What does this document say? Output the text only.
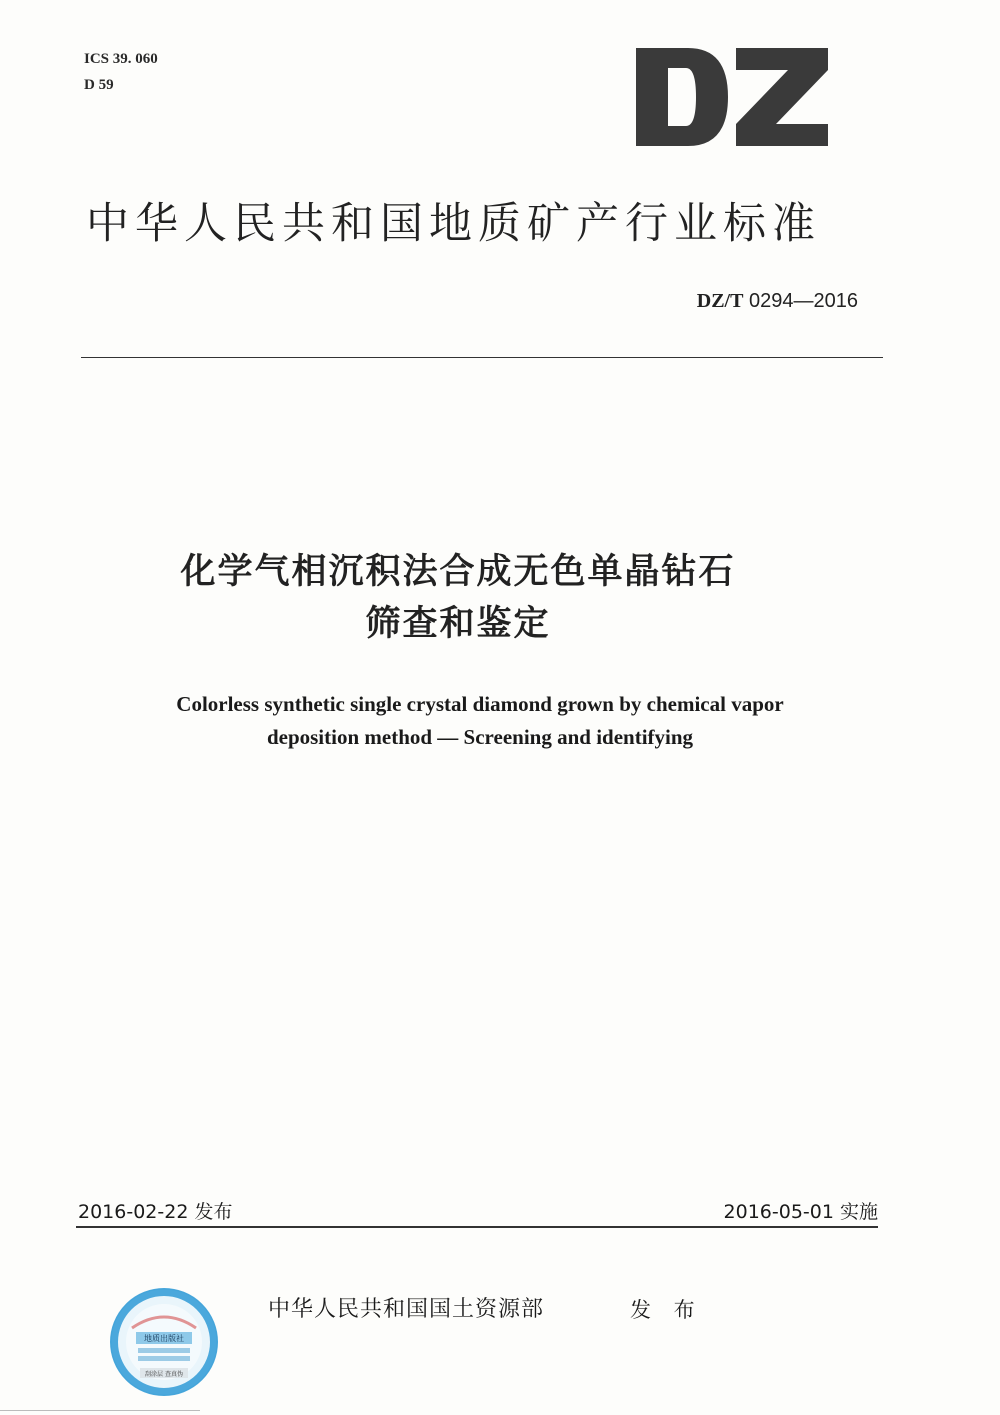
ICS 39. 060
D 59
中华人民共和国地质矿产行业标准
DZ/T 0294—2016
化学气相沉积法合成无色单晶钻石
筛查和鉴定
Colorless synthetic single crystal diamond grown by chemical vapor
deposition method — Screening and identifying
2016-02-22 发布	2016-05-01 实施
地质出版社
刮涂层 查真伪
中华人民共和国国土资源部	发 布
